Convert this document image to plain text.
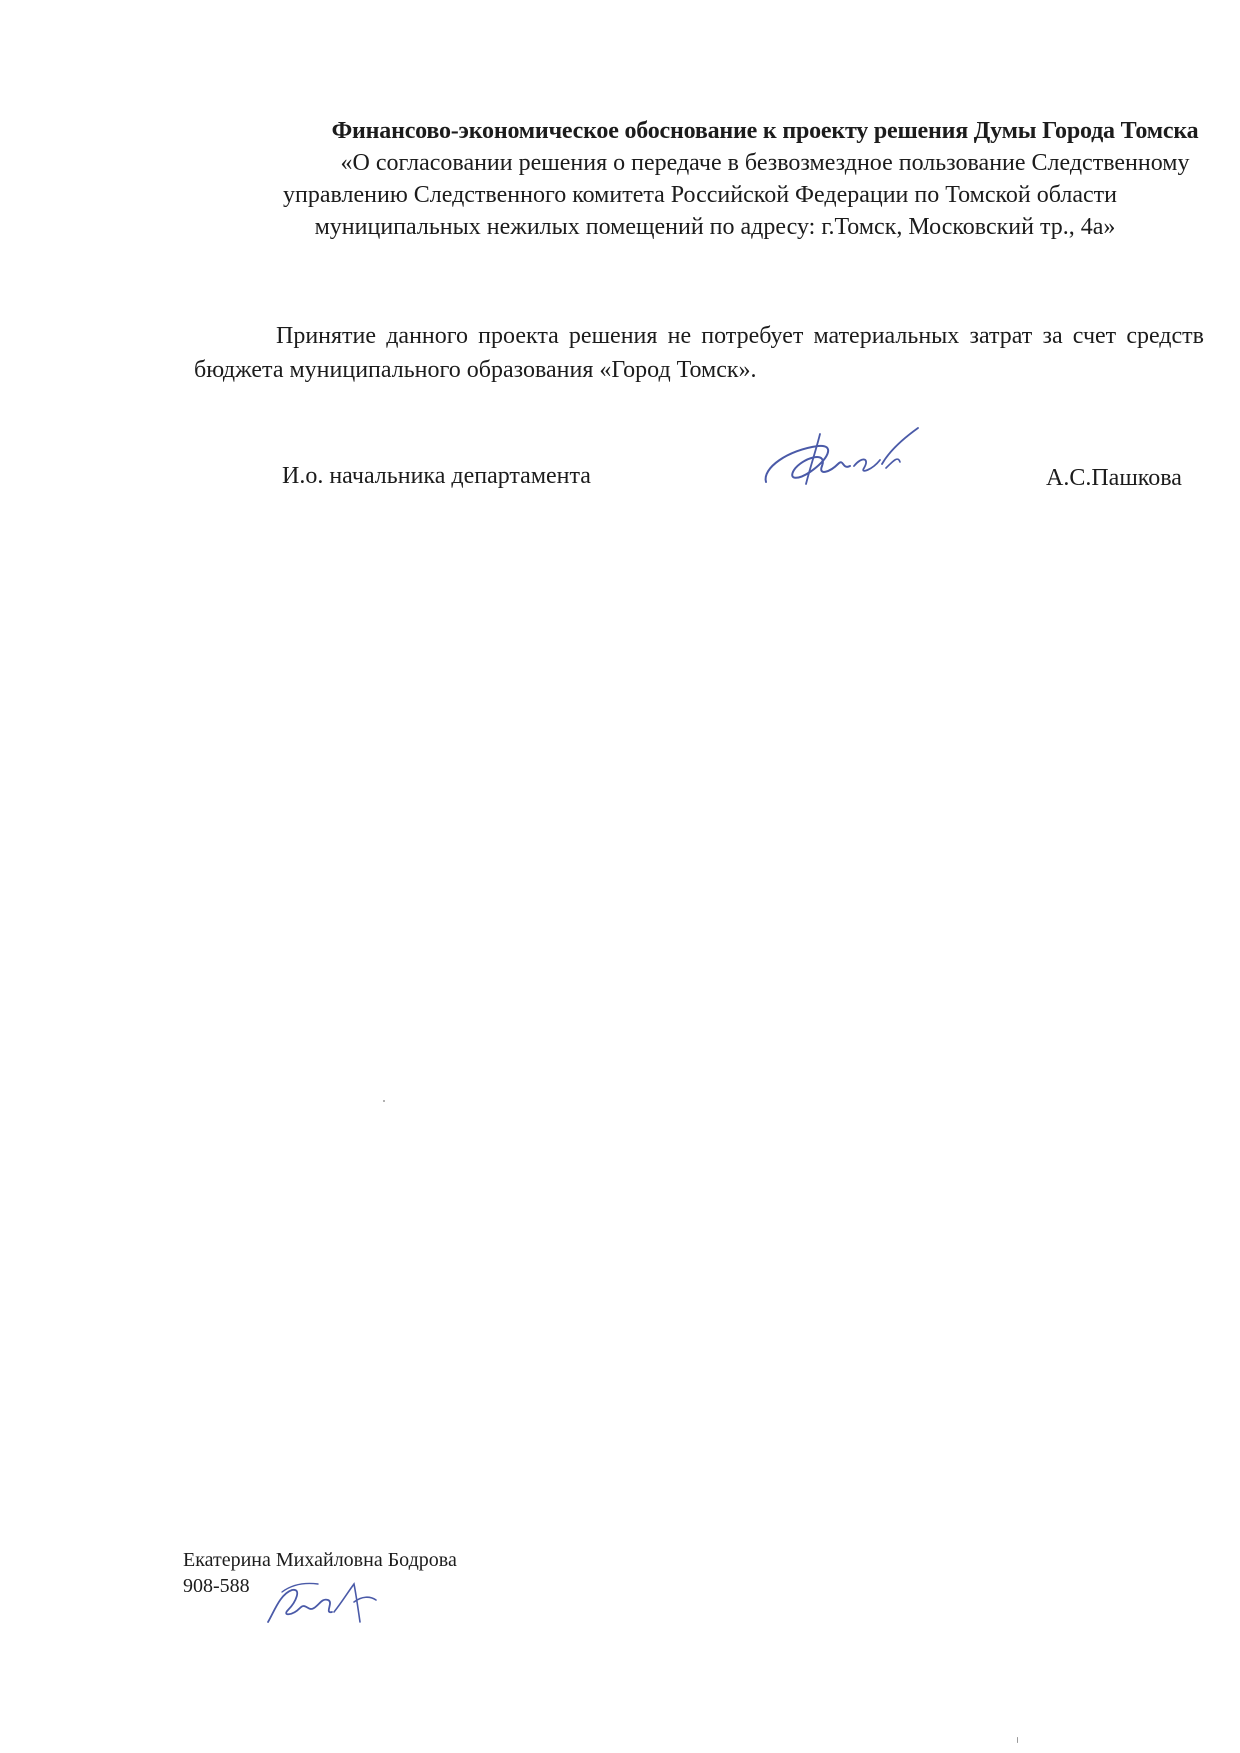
Финансово-экономическое обоснование к проекту решения Думы Города Томска
«О согласовании решения о передаче в безвозмездное пользование Следственному
управлению Следственного комитета Российской Федерации по Томской области
муниципальных нежилых помещений по адресу: г.Томск, Московский тр., 4а»
Принятие данного проекта решения не потребует материальных затрат за счет средств бюджета муниципального образования «Город Томск».
И.о. начальника департамента	А.С.Пашкова
Екатерина Михайловна Бодрова
908-588
